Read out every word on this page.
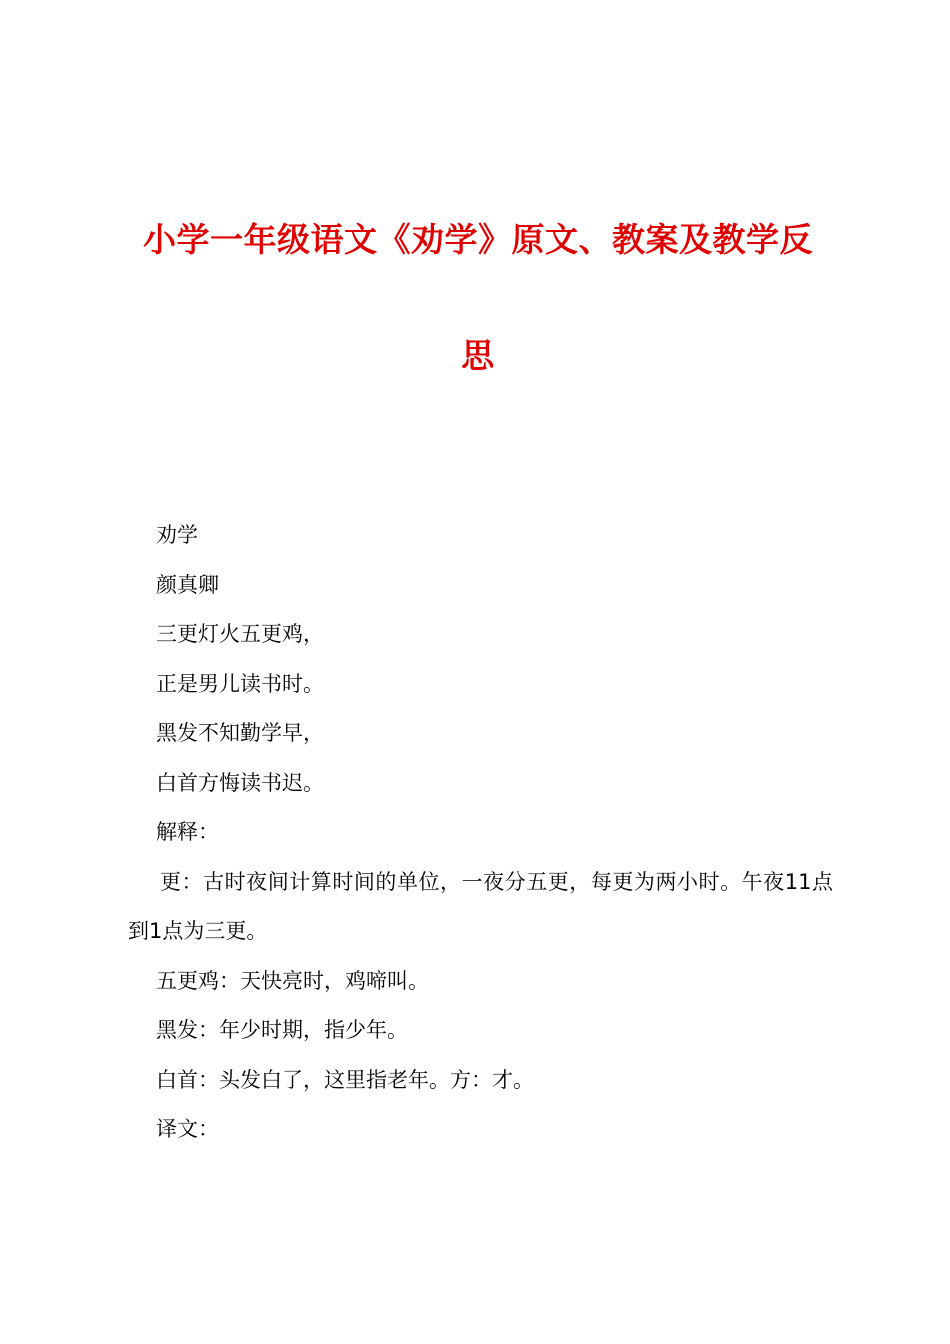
小学一年级语文《劝学》原文、教案及教学反
思

劝学

颜真卿

三更灯火五更鸡，

正是男儿读书时。

黑发不知勤学早，

白首方悔读书迟。

解释：

更：古时夜间计算时间的单位，一夜分五更，每更为两小时。午夜11点到1点为三更。

五更鸡：天快亮时，鸡啼叫。

黑发：年少时期，指少年。

白首：头发白了，这里指老年。方：才。

译文：
